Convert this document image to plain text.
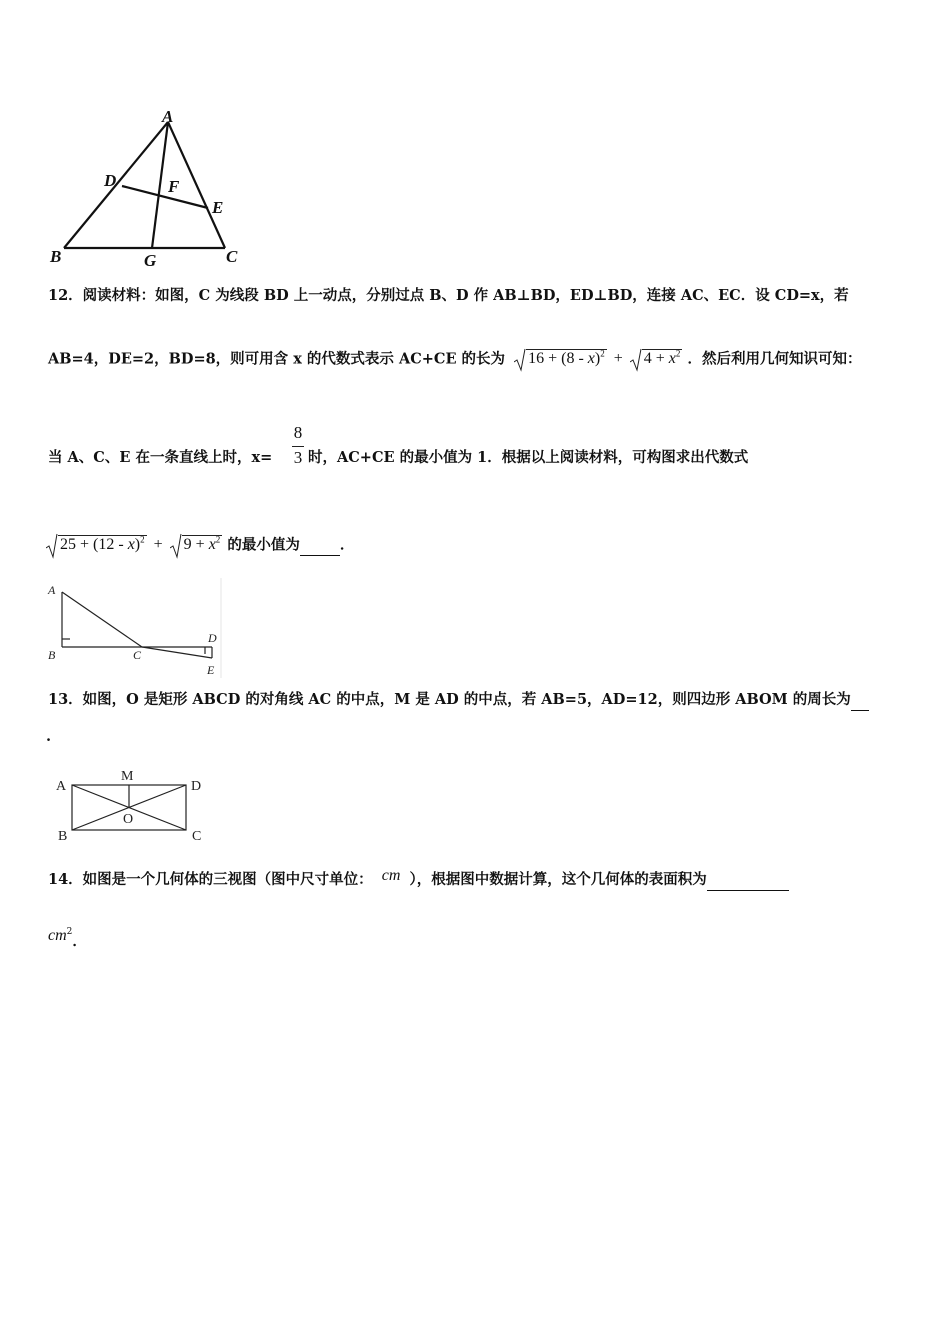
A
D	F
E
B	G	C
12．阅读材料：如图，C 为线段 BD 上一动点，分别过点 B、D 作 AB⊥BD，ED⊥BD，连接 AC、EC．设 CD=x，若
AB=4，DE=2，BD=8，则可用含 x 的代数式表示 AC+CE 的长为 $16 + (8 - x)^2 + 4 + x^2$ ．然后利用几何知识可知：
8
3
当 A、C、E 在一条直线上时，x= 时，AC+CE 的最小值为 1．根据以上阅读材料，可构图求出代数式
$25 + (12 - x)^2 + 9 + x^2$ 的最小值为	．
A
B	C
D
E
13．如图，O 是矩形 ABCD 的对角线 AC 的中点，M 是 AD 的中点，若 AB=5，AD=12，则四边形 ABOM 的周长为
.
A
M
D
O
B	C
14．如图是一个几何体的三视图（图中尺寸单位： cm ），根据图中数据计算，这个几何体的表面积为
$cm^2$．
